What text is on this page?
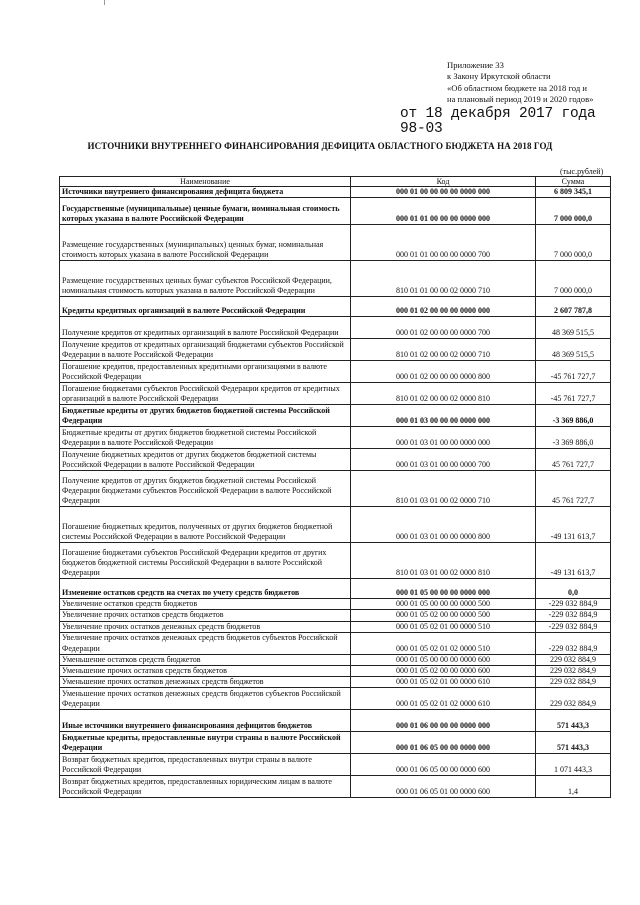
Приложение 33
к Закону Иркутской области
«Об областном бюджете на 2018 год и
на плановый период 2019 и 2020 годов»
от 18 декабря 2017 года
98-03
ИСТОЧНИКИ ВНУТРЕННЕГО ФИНАНСИРОВАНИЯ ДЕФИЦИТА ОБЛАСТНОГО БЮДЖЕТА НА 2018 ГОД
(тыс.рублей)
Наименование	Код	Сумма
Источники внутреннего финансирования дефицита бюджета	000 01 00 00 00 00 0000 000	6 809 345,1
Государственные (муниципальные) ценные бумаги, номинальная стоимость которых указана в валюте Российской Федерации	000 01 01 00 00 00 0000 000	7 000 000,0
Размещение государственных (муниципальных) ценных бумаг, номинальная стоимость которых указана в валюте Российской Федерации	000 01 01 00 00 00 0000 700	7 000 000,0
Размещение государственных ценных бумаг субъектов Российской Федерации, номинальная стоимость которых указана в валюте Российской Федерации	810 01 01 00 00 02 0000 710	7 000 000,0
Кредиты кредитных организаций в валюте Российской Федерации	000 01 02 00 00 00 0000 000	2 607 787,8
Получение кредитов от кредитных организаций в валюте Российской Федерации	000 01 02 00 00 00 0000 700	48 369 515,5
Получение кредитов от кредитных организаций бюджетами субъектов Российской Федерации в валюте Российской Федерации	810 01 02 00 00 02 0000 710	48 369 515,5
Погашение кредитов, предоставленных кредитными организациями в валюте Российской Федерации	000 01 02 00 00 00 0000 800	-45 761 727,7
Погашение бюджетами субъектов Российской Федерации кредитов от кредитных организаций в валюте Российской Федерации	810 01 02 00 00 02 0000 810	-45 761 727,7
Бюджетные кредиты от других бюджетов бюджетной системы Российской Федерации	000 01 03 00 00 00 0000 000	-3 369 886,0
Бюджетные кредиты от других бюджетов бюджетной системы Российской Федерации в валюте Российской Федерации	000 01 03 01 00 00 0000 000	-3 369 886,0
Получение бюджетных кредитов от других бюджетов бюджетной системы Российской Федерации в валюте Российской Федерации	000 01 03 01 00 00 0000 700	45 761 727,7
Получение кредитов от других бюджетов бюджетной системы Российской Федерации бюджетами субъектов Российской Федерации в валюте Российской Федерации	810 01 03 01 00 02 0000 710	45 761 727,7
Погашение бюджетных кредитов, полученных от других бюджетов бюджетной системы Российской Федерации в валюте Российской Федерации	000 01 03 01 00 00 0000 800	-49 131 613,7
Погашение бюджетами субъектов Российской Федерации кредитов от других бюджетов бюджетной системы Российской Федерации в валюте Российской Федерации	810 01 03 01 00 02 0000 810	-49 131 613,7
Изменение остатков средств на счетах по учету средств бюджетов	000 01 05 00 00 00 0000 000	0,0
Увеличение остатков средств бюджетов	000 01 05 00 00 00 0000 500	-229 032 884,9
Увеличение прочих остатков средств бюджетов	000 01 05 02 00 00 0000 500	-229 032 884,9
Увеличение прочих остатков денежных средств бюджетов	000 01 05 02 01 00 0000 510	-229 032 884,9
Увеличение прочих остатков денежных средств бюджетов субъектов Российской Федерации	000 01 05 02 01 02 0000 510	-229 032 884,9
Уменьшение остатков средств бюджетов	000 01 05 00 00 00 0000 600	229 032 884,9
Уменьшение прочих остатков средств бюджетов	000 01 05 02 00 00 0000 600	229 032 884,9
Уменьшение прочих остатков денежных средств бюджетов	000 01 05 02 01 00 0000 610	229 032 884,9
Уменьшение прочих остатков денежных средств бюджетов субъектов Российской Федерации	000 01 05 02 01 02 0000 610	229 032 884,9
Иные источники внутреннего финансирования дефицитов бюджетов	000 01 06 00 00 00 0000 000	571 443,3
Бюджетные кредиты, предоставленные внутри страны в валюте Российской Федерации	000 01 06 05 00 00 0000 000	571 443,3
Возврат бюджетных кредитов, предоставленных внутри страны в валюте Российской Федерации	000 01 06 05 00 00 0000 600	1 071 443,3
Возврат бюджетных кредитов, предоставленных юридическим лицам в валюте Российской Федерации	000 01 06 05 01 00 0000 600	1,4
